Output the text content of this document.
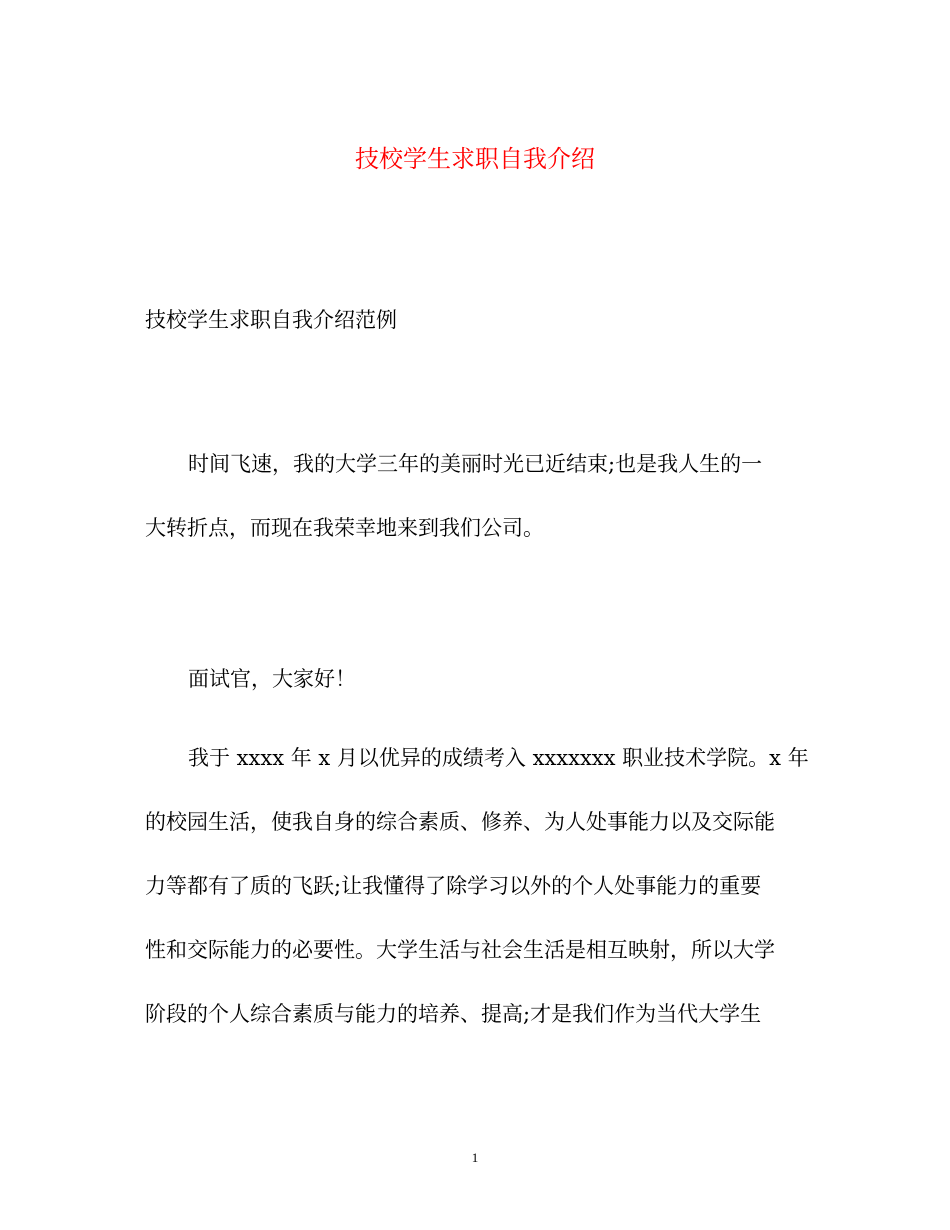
技校学生求职自我介绍
技校学生求职自我介绍范例
时间飞速，我的大学三年的美丽时光已近结束;也是我人生的一
大转折点，而现在我荣幸地来到我们公司。
面试官，大家好！
我于 xxxx 年 x 月以优异的成绩考入 xxxxxxx 职业技术学院。x 年
的校园生活，使我自身的综合素质、修养、为人处事能力以及交际能
力等都有了质的飞跃;让我懂得了除学习以外的个人处事能力的重要
性和交际能力的必要性。大学生活与社会生活是相互映射，所以大学
阶段的个人综合素质与能力的培养、提高;才是我们作为当代大学生
1
